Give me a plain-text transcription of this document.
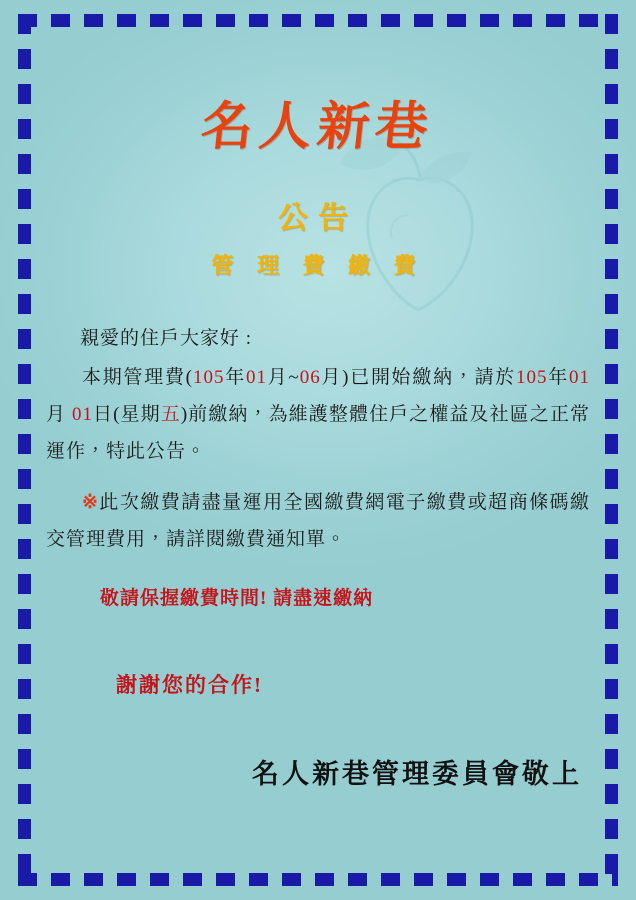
名人新巷
公告
管 理 費 繳 費

親愛的住戶大家好 :

本期管理費(105年01月~06月)已開始繳納，請於105年01月 01日(星期五)前繳納，為維護整體住戶之權益及社區之正常運作，特此公告。

※此次繳費請盡量運用全國繳費網電子繳費或超商條碼繳交管理費用，請詳閱繳費通知單。

敬請保握繳費時間! 請盡速繳納
謝謝您的合作!
名人新巷管理委員會敬上
